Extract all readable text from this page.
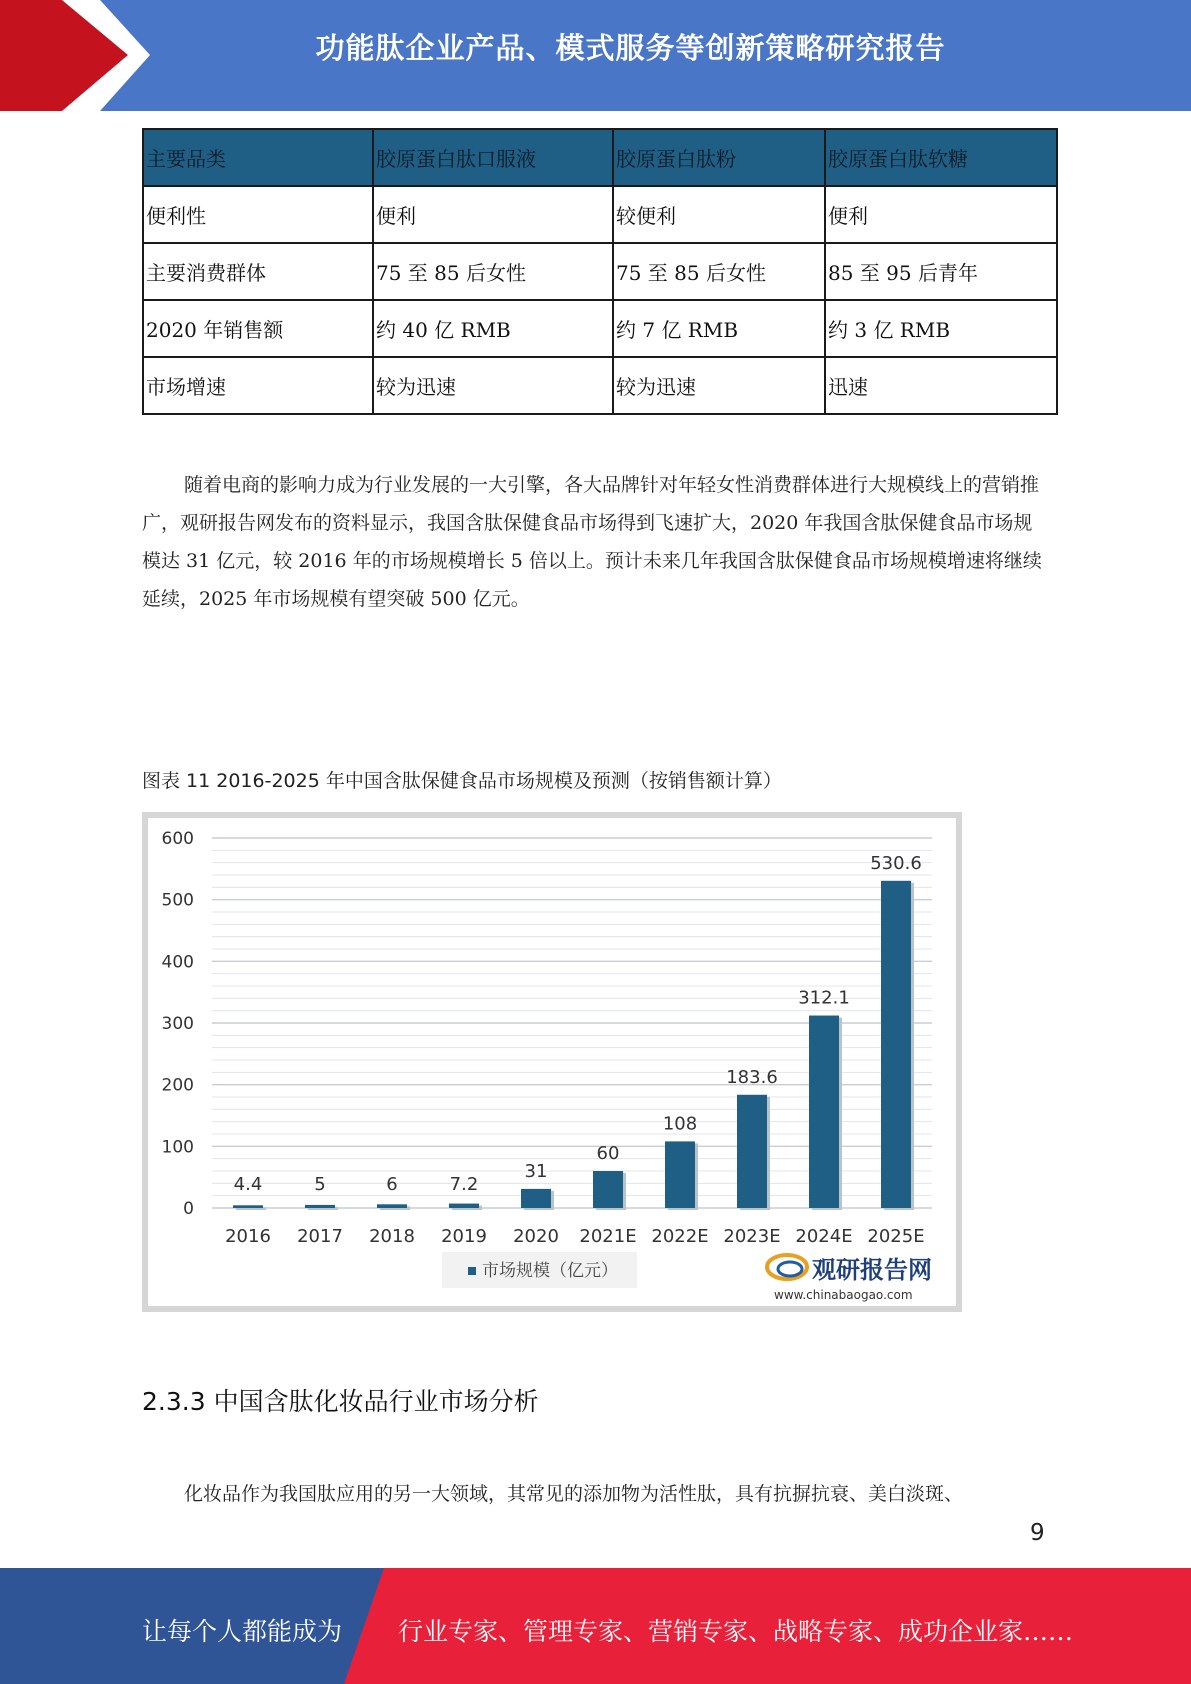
功能肽企业产品、模式服务等创新策略研究报告
主要品类	胶原蛋白肽口服液	胶原蛋白肽粉	胶原蛋白肽软糖
便利性	便利	较便利	便利
主要消费群体	75 至 85 后女性	75 至 85 后女性	85 至 95 后青年
2020 年销售额	约 40 亿 RMB	约 7 亿 RMB	约 3 亿 RMB
市场增速	较为迅速	较为迅速	迅速

随着电商的影响力成为行业发展的一大引擎，各大品牌针对年轻女性消费群体进行大规模线上的营销推广，观研报告网发布的资料显示，我国含肽保健食品市场得到飞速扩大，2020 年我国含肽保健食品市场规模达 31 亿元，较 2016 年的市场规模增长 5 倍以上。预计未来几年我国含肽保健食品市场规模增速将继续延续，2025 年市场规模有望突破 500 亿元。

图表 11 2016-2025 年中国含肽保健食品市场规模及预测（按销售额计算）
0
100
200
300
400
500
600
4.4	5	6	7.2
31
60
108
183.6
312.1
530.6
2016 2017 2018 2019 2020 2021E 2022E 2023E 2024E 2025E
市场规模（亿元）	观研报告网
www.chinabaogao.com
2.3.3 中国含肽化妆品行业市场分析

化妆品作为我国肽应用的另一大领域，其常见的添加物为活性肽，具有抗摒抗衰、美白淡斑、

9
让每个人都能成为 行业专家、管理专家、营销专家、战略专家、成功企业家……
